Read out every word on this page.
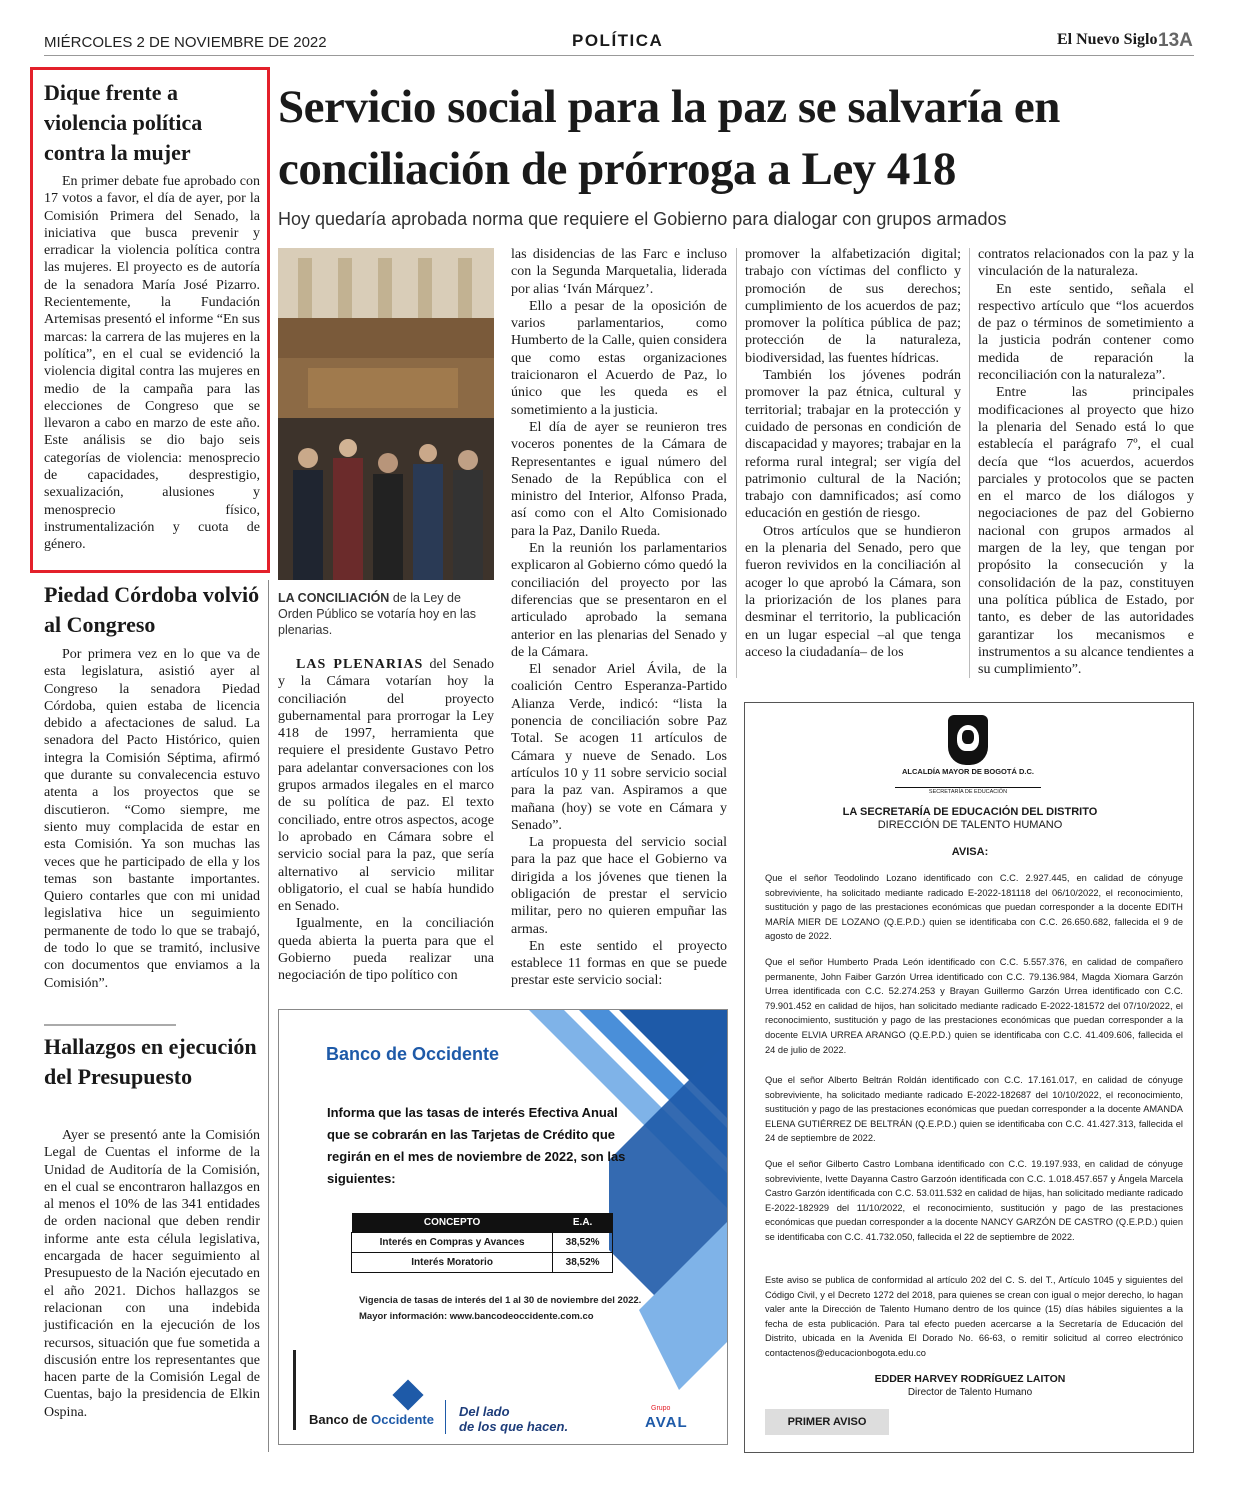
MIÉRCOLES 2 DE NOVIEMBRE DE 2022	POLÍTICA	El Nuevo Siglo 13A
Dique frente a violencia política contra la mujer
En primer debate fue aprobado con 17 votos a favor, el día de ayer, por la Comisión Primera del Senado, la iniciativa que busca prevenir y erradicar la violencia política contra las mujeres. El proyecto es de autoría de la senadora María José Pizarro. Recientemente, la Fundación Artemisas presentó el informe “En sus marcas: la carrera de las mujeres en la política”, en el cual se evidenció la violencia digital contra las mujeres en medio de la campaña para las elecciones de Congreso que se llevaron a cabo en marzo de este año. Este análisis se dio bajo seis categorías de violencia: menosprecio de capacidades, desprestigio, sexualización, alusiones y menosprecio físico, instrumentalización y cuota de género.
Piedad Córdoba volvió al Congreso
Por primera vez en lo que va de esta legislatura, asistió ayer al Congreso la senadora Piedad Córdoba, quien estaba de licencia debido a afectaciones de salud. La senadora del Pacto Histórico, quien integra la Comisión Séptima, afirmó que durante su convalecencia estuvo atenta a los proyectos que se discutieron. “Como siempre, me siento muy complacida de estar en esta Comisión. Ya son muchas las veces que he participado de ella y los temas son bastante importantes. Quiero contarles que con mi unidad legislativa hice un seguimiento permanente de todo lo que se trabajó, de todo lo que se tramitó, inclusive con documentos que enviamos a la Comisión”.
Hallazgos en ejecución del Presupuesto
Ayer se presentó ante la Comisión Legal de Cuentas el informe de la Unidad de Auditoría de la Comisión, en el cual se encontraron hallazgos en al menos el 10% de las 341 entidades de orden nacional que deben rendir informe ante esta célula legislativa, encargada de hacer seguimiento al Presupuesto de la Nación ejecutado en el año 2021. Dichos hallazgos se relacionan con una indebida justificación en la ejecución de los recursos, situación que fue sometida a discusión entre los representantes que hacen parte de la Comisión Legal de Cuentas, bajo la presidencia de Elkin Ospina.
Servicio social para la paz se salvaría en conciliación de prórroga a Ley 418
Hoy quedaría aprobada norma que requiere el Gobierno para dialogar con grupos armados
LA CONCILIACIÓN de la Ley de Orden Público se votaría hoy en las plenarias.

LAS PLENARIAS del Senado y la Cámara votarían hoy la conciliación del proyecto gubernamental para prorrogar la Ley 418 de 1997, herramienta que requiere el presidente Gustavo Petro para adelantar conversaciones con los grupos armados ilegales en el marco de su política de paz. El texto conciliado, entre otros aspectos, acoge lo aprobado en Cámara sobre el servicio social para la paz, que sería alternativo al servicio militar obligatorio, el cual se había hundido en Senado.

Igualmente, en la conciliación queda abierta la puerta para que el Gobierno pueda realizar una negociación de tipo político con

las disidencias de las Farc e incluso con la Segunda Marquetalia, liderada por alias ‘Iván Márquez’.

Ello a pesar de la oposición de varios parlamentarios, como Humberto de la Calle, quien considera que como estas organizaciones traicionaron el Acuerdo de Paz, lo único que les queda es el sometimiento a la justicia.

El día de ayer se reunieron tres voceros ponentes de la Cámara de Representantes e igual número del Senado de la República con el ministro del Interior, Alfonso Prada, así como con el Alto Comisionado para la Paz, Danilo Rueda.

En la reunión los parlamentarios explicaron al Gobierno cómo quedó la conciliación del proyecto por las diferencias que se presentaron en el articulado aprobado la semana anterior en las plenarias del Senado y de la Cámara.

El senador Ariel Ávila, de la coalición Centro Esperanza-Partido Alianza Verde, indicó: “lista la ponencia de conciliación sobre Paz Total. Se acogen 11 artículos de Cámara y nueve de Senado. Los artículos 10 y 11 sobre servicio social para la paz van. Aspiramos a que mañana (hoy) se vote en Cámara y Senado”.

La propuesta del servicio social para la paz que hace el Gobierno va dirigida a los jóvenes que tienen la obligación de prestar el servicio militar, pero no quieren empuñar las armas.

En este sentido el proyecto establece 11 formas en que se puede prestar este servicio social:

promover la alfabetización digital; trabajo con víctimas del conflicto y promoción de sus derechos; cumplimiento de los acuerdos de paz; promover la política pública de paz; protección de la naturaleza, biodiversidad, las fuentes hídricas.

También los jóvenes podrán promover la paz étnica, cultural y territorial; trabajar en la protección y cuidado de personas en condición de discapacidad y mayores; trabajar en la reforma rural integral; ser vigía del patrimonio cultural de la Nación; trabajo con damnificados; así como educación en gestión de riesgo.

Otros artículos que se hundieron en la plenaria del Senado, pero que fueron revividos en la conciliación al acoger lo que aprobó la Cámara, son la priorización de los planes para desminar el territorio, la publicación en un lugar especial –al que tenga acceso la ciudadanía– de los

contratos relacionados con la paz y la vinculación de la naturaleza.

En este sentido, señala el respectivo artículo que “los acuerdos de paz o términos de sometimiento a la justicia podrán contener como medida de reparación la reconciliación con la naturaleza”.

Entre las principales modificaciones al proyecto que hizo la plenaria del Senado está lo que establecía el parágrafo 7º, el cual decía que “los acuerdos, acuerdos parciales y protocolos que se pacten en el marco de los diálogos y negociaciones de paz del Gobierno nacional con grupos armados al margen de la ley, que tengan por propósito la consecución y la consolidación de la paz, constituyen una política pública de Estado, por tanto, es deber de las autoridades garantizar los mecanismos e instrumentos a su alcance tendientes a su cumplimiento”.

Banco de Occidente
Informa que las tasas de interés Efectiva Anual que se cobrarán en las Tarjetas de Crédito que regirán en el mes de noviembre de 2022, son las siguientes:
CONCEPTO	E.A.
Interés en Compras y Avances	38,52%
Interés Moratorio	38,52%
Vigencia de tasas de interés del 1 al 30 de noviembre del 2022.
Mayor información: www.bancodeoccidente.com.co
Banco de Occidente
Del lado
de los que hacen.
Grupo
AVAL
ALCALDÍA MAYOR DE BOGOTÁ D.C.
SECRETARÍA DE EDUCACIÓN
LA SECRETARÍA DE EDUCACIÓN DEL DISTRITO
DIRECCIÓN DE TALENTO HUMANO
AVISA:
Que el señor Teodolindo Lozano identificado con C.C. 2.927.445, en calidad de cónyuge sobreviviente, ha solicitado mediante radicado E-2022-181118 del 06/10/2022, el reconocimiento, sustitución y pago de las prestaciones económicas que puedan corresponder a la docente EDITH MARÍA MIER DE LOZANO (Q.E.P.D.) quien se identificaba con C.C. 26.650.682, fallecida el 9 de agosto de 2022.
Que el señor Humberto Prada León identificado con C.C. 5.557.376, en calidad de compañero permanente, John Faiber Garzón Urrea identificado con C.C. 79.136.984, Magda Xiomara Garzón Urrea identificada con C.C. 52.274.253 y Brayan Guillermo Garzón Urrea identificado con C.C. 79.901.452 en calidad de hijos, han solicitado mediante radicado E-2022-181572 del 07/10/2022, el reconocimiento, sustitución y pago de las prestaciones económicas que puedan corresponder a la docente ELVIA URREA ARANGO (Q.E.P.D.) quien se identificaba con C.C. 41.409.606, fallecida el 24 de julio de 2022.
Que el señor Alberto Beltrán Roldán identificado con C.C. 17.161.017, en calidad de cónyuge sobreviviente, ha solicitado mediante radicado E-2022-182687 del 10/10/2022, el reconocimiento, sustitución y pago de las prestaciones económicas que puedan corresponder a la docente AMANDA ELENA GUTIÉRREZ DE BELTRÁN (Q.E.P.D.) quien se identificaba con C.C. 41.427.313, fallecida el 24 de septiembre de 2022.
Que el señor Gilberto Castro Lombana identificado con C.C. 19.197.933, en calidad de cónyuge sobreviviente, Ivette Dayanna Castro Garzoón identificada con C.C. 1.018.457.657 y Ángela Marcela Castro Garzón identificada con C.C. 53.011.532 en calidad de hijas, han solicitado mediante radicado E-2022-182929 del 11/10/2022, el reconocimiento, sustitución y pago de las prestaciones económicas que puedan corresponder a la docente NANCY GARZÓN DE CASTRO (Q.E.P.D.) quien se identificaba con C.C. 41.732.050, fallecida el 22 de septiembre de 2022.
Este aviso se publica de conformidad al artículo 202 del C. S. del T., Artículo 1045 y siguientes del Código Civil, y el Decreto 1272 del 2018, para quienes se crean con igual o mejor derecho, lo hagan valer ante la Dirección de Talento Humano dentro de los quince (15) días hábiles siguientes a la fecha de esta publicación. Para tal efecto pueden acercarse a la Secretaría de Educación del Distrito, ubicada en la Avenida El Dorado No. 66-63, o remitir solicitud al correo electrónico contactenos@educacionbogota.edu.co
EDDER HARVEY RODRÍGUEZ LAITON
Director de Talento Humano
PRIMER AVISO
